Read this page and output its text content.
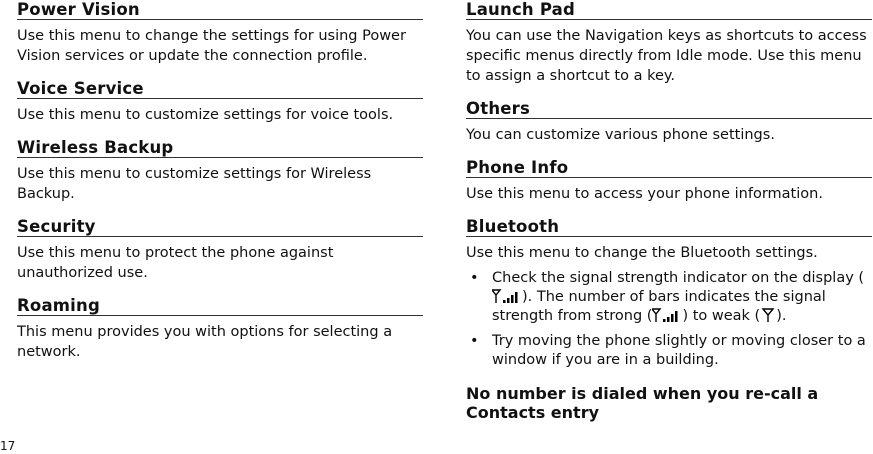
Power Vision

Use this menu to change the settings for using Power Vision services or update the connection profile.

Voice Service

Use this menu to customize settings for voice tools.

Wireless Backup

Use this menu to customize settings for Wireless Backup.

Security

Use this menu to protect the phone against unauthorized use.

Roaming

This menu provides you with options for selecting a network.

Launch Pad

You can use the Navigation keys as shortcuts to access specific menus directly from Idle mode. Use this menu to assign a shortcut to a key.

Others

You can customize various phone settings.

Phone Info

Use this menu to access your phone information.

Bluetooth

Use this menu to change the Bluetooth settings.

• Check the signal strength indicator on the display (). The number of bars indicates the signal strength from strong ( ) to weak ( ).
• Try moving the phone slightly or moving closer to a window if you are in a building.
No number is dialed when you re-call a Contacts entry
17
